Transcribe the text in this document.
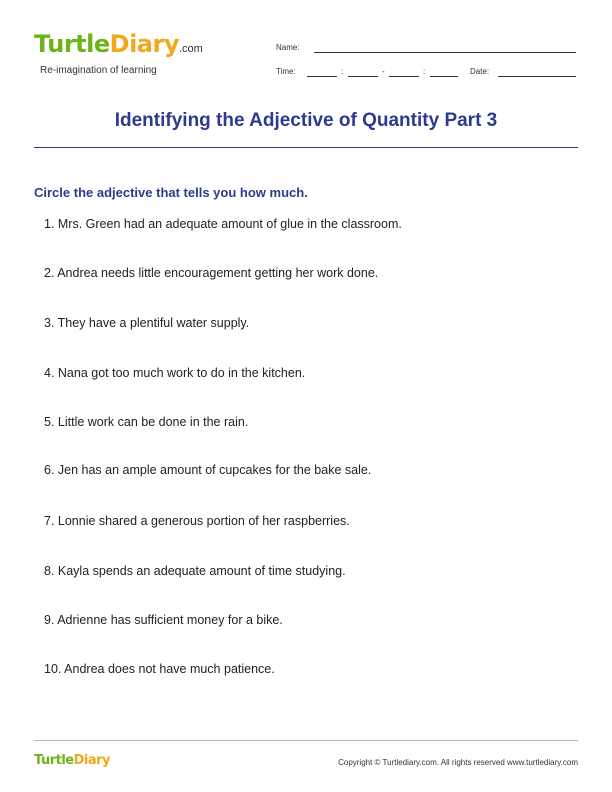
TurtleDiary.com
Re-imagination of learning
Name:
Time:	:	-	:	Date:
Identifying the Adjective of Quantity Part 3
Circle the adjective that tells you how much.
1. Mrs. Green had an adequate amount of glue in the classroom.
2. Andrea needs little encouragement getting her work done.
3. They have a plentiful water supply.
4. Nana got too much work to do in the kitchen.
5. Little work can be done in the rain.
6. Jen has an ample amount of cupcakes for the bake sale.
7. Lonnie shared a generous portion of her raspberries.
8. Kayla spends an adequate amount of time studying.
9. Adrienne has sufficient money for a bike.
10. Andrea does not have much patience.
TurtleDiary	Copyright © Turtlediary.com. All rights reserved www.turtlediary.com
